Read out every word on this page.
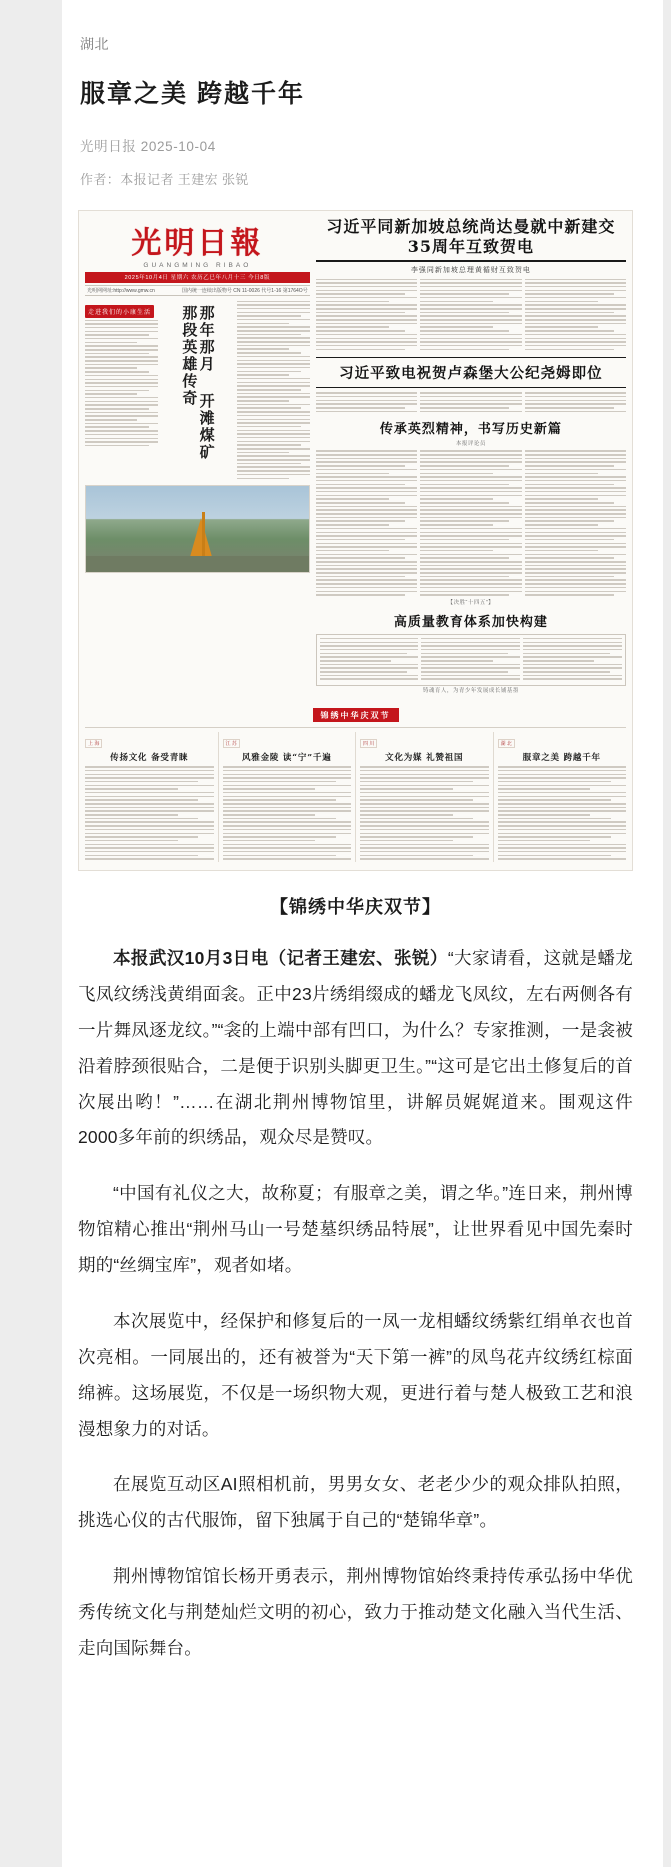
湖北
服章之美 跨越千年
光明日报 2025-10-04
作者：本报记者 王建宏 张锐
光明日報
GUANGMING RIBAO
2025年10月4日 星期六 农历乙巳年八月十三 今日8版
光明网网址:http://www.gmw.cn	国内统一连续出版物号 CN 11-0026 代号1-16 第1764O号
走进我们的小康生活	那年那月 开滩煤矿那段英雄传奇
习近平同新加坡总统尚达曼就中新建交35周年互致贺电
李强同新加坡总理黄循财互致贺电
习近平致电祝贺卢森堡大公纪尧姆即位
传承英烈精神，书写历史新篇
本报评论员
【决胜“十四五”】
高质量教育体系加快构建
铸魂育人，为青少年发展成长铺基墨
锦绣中华庆双节
上 海
传扬文化 备受青睐
江 苏
风雅金陵 读“宁”千遍
四 川
文化为媒 礼赞祖国
湖 北
服章之美 跨越千年
【锦绣中华庆双节】

本报武汉10月3日电（记者王建宏、张锐）“大家请看，这就是蟠龙飞凤纹绣浅黄绢面衾。正中23片绣绢缀成的蟠龙飞凤纹，左右两侧各有一片舞凤逐龙纹。”“衾的上端中部有凹口，为什么？专家推测，一是衾被沿着脖颈很贴合，二是便于识别头脚更卫生。”“这可是它出土修复后的首次展出哟！”……在湖北荆州博物馆里，讲解员娓娓道来。围观这件2000多年前的织绣品，观众尽是赞叹。

“中国有礼仪之大，故称夏；有服章之美，谓之华。”连日来，荆州博物馆精心推出“荆州马山一号楚墓织绣品特展”，让世界看见中国先秦时期的“丝绸宝库”，观者如堵。

本次展览中，经保护和修复后的一凤一龙相蟠纹绣紫红绢单衣也首次亮相。一同展出的，还有被誉为“天下第一裤”的凤鸟花卉纹绣红棕面绵裤。这场展览，不仅是一场织物大观，更进行着与楚人极致工艺和浪漫想象力的对话。

在展览互动区AI照相机前，男男女女、老老少少的观众排队拍照，挑选心仪的古代服饰，留下独属于自己的“楚锦华章”。

荆州博物馆馆长杨开勇表示，荆州博物馆始终秉持传承弘扬中华优秀传统文化与荆楚灿烂文明的初心，致力于推动楚文化融入当代生活、走向国际舞台。
